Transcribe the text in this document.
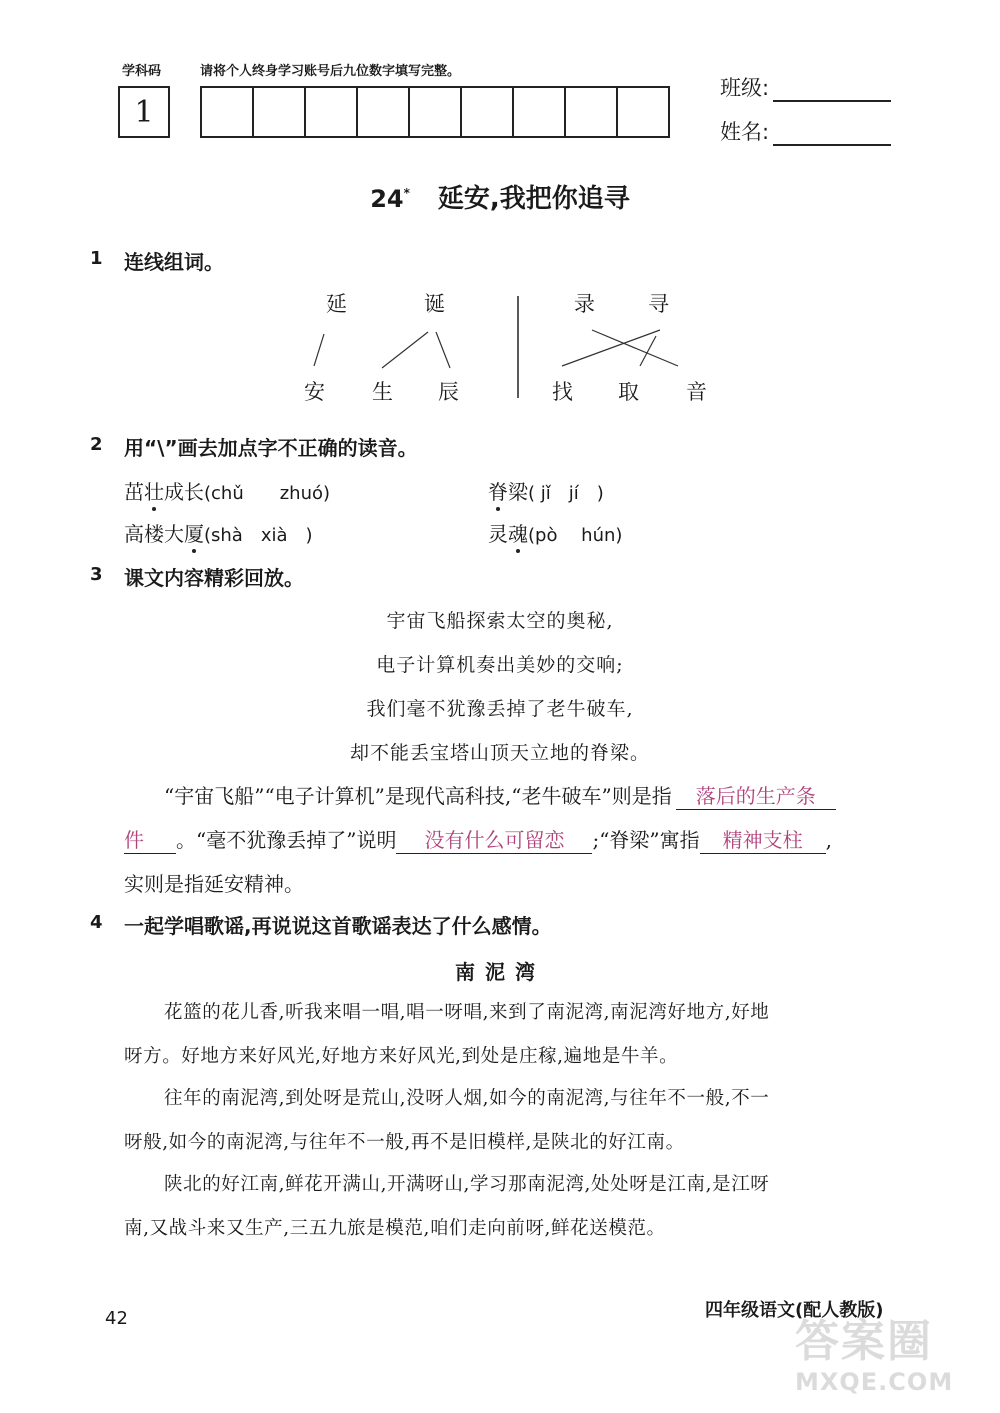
学科码	请将个人终身学习账号后九位数字填写完整。
1
班级:
姓名:
24* 延安,我把你追寻
1 连线组词。
延	诞	录	寻
安 生 辰	找 取 音
2 用“\”画去加点字不正确的读音。
茁壮成长(chǔ　　zhuó)	脊梁( jǐ　jí　)
高楼大厦(shà　xià　)	灵魂(pò　 hún)
3 课文内容精彩回放。
宇宙飞船探索太空的奥秘,
电子计算机奏出美妙的交响;
我们毫不犹豫丢掉了老牛破车,
却不能丢宝塔山顶天立地的脊梁。
“宇宙飞船”“电子计算机”是现代高科技,“老牛破车”则是指 落后的生产条
件 。“毫不犹豫丢掉了”说明 没有什么可留恋 ;“脊梁”寓指 精神支柱 ,
实则是指延安精神。
4 一起学唱歌谣,再说说这首歌谣表达了什么感情。
南泥湾
花篮的花儿香,听我来唱一唱,唱一呀唱,来到了南泥湾,南泥湾好地方,好地
呀方。好地方来好风光,好地方来好风光,到处是庄稼,遍地是牛羊。
往年的南泥湾,到处呀是荒山,没呀人烟,如今的南泥湾,与往年不一般,不一
呀般,如今的南泥湾,与往年不一般,再不是旧模样,是陕北的好江南。
陕北的好江南,鲜花开满山,开满呀山,学习那南泥湾,处处呀是江南,是江呀
南,又战斗来又生产,三五九旅是模范,咱们走向前呀,鲜花送模范。
42	四年级语文(配人教版)
答案圈
MXQE.COM
